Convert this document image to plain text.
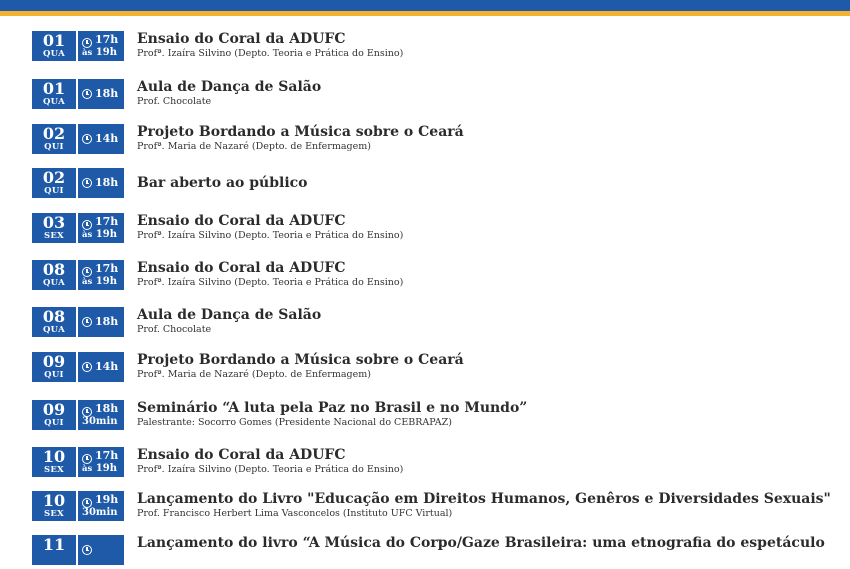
01
QUA
17h
às 19h
Ensaio do Coral da ADUFC
Profª. Izaíra Silvino (Depto. Teoria e Prática do Ensino)
01
QUA
18h Aula de Dança de Salão
Prof. Chocolate
02
QUI
14h Projeto Bordando a Música sobre o Ceará
Profª. Maria de Nazaré (Depto. de Enfermagem)
02
QUI
18h Bar aberto ao público
03
SEX
17h
às 19h
Ensaio do Coral da ADUFC
Profª. Izaíra Silvino (Depto. Teoria e Prática do Ensino)
08
QUA
17h
às 19h
Ensaio do Coral da ADUFC
Profª. Izaíra Silvino (Depto. Teoria e Prática do Ensino)
08
QUA
18h Aula de Dança de Salão
Prof. Chocolate
09
QUI
14h Projeto Bordando a Música sobre o Ceará
Profª. Maria de Nazaré (Depto. de Enfermagem)
09
QUI
18h
30min
Seminário “A luta pela Paz no Brasil e no Mundo”
Palestrante: Socorro Gomes (Presidente Nacional do CEBRAPAZ)
10
SEX
17h
às 19h
Ensaio do Coral da ADUFC
Profª. Izaíra Silvino (Depto. Teoria e Prática do Ensino)
10
SEX
19h
30min
Lançamento do Livro "Educação em Direitos Humanos, Genêros e Diversidades Sexuais"
Prof. Francisco Herbert Lima Vasconcelos (Instituto UFC Virtual)
11	Lançamento do livro “A Música do Corpo/Gaze Brasileira: uma etnografia do espetáculo
